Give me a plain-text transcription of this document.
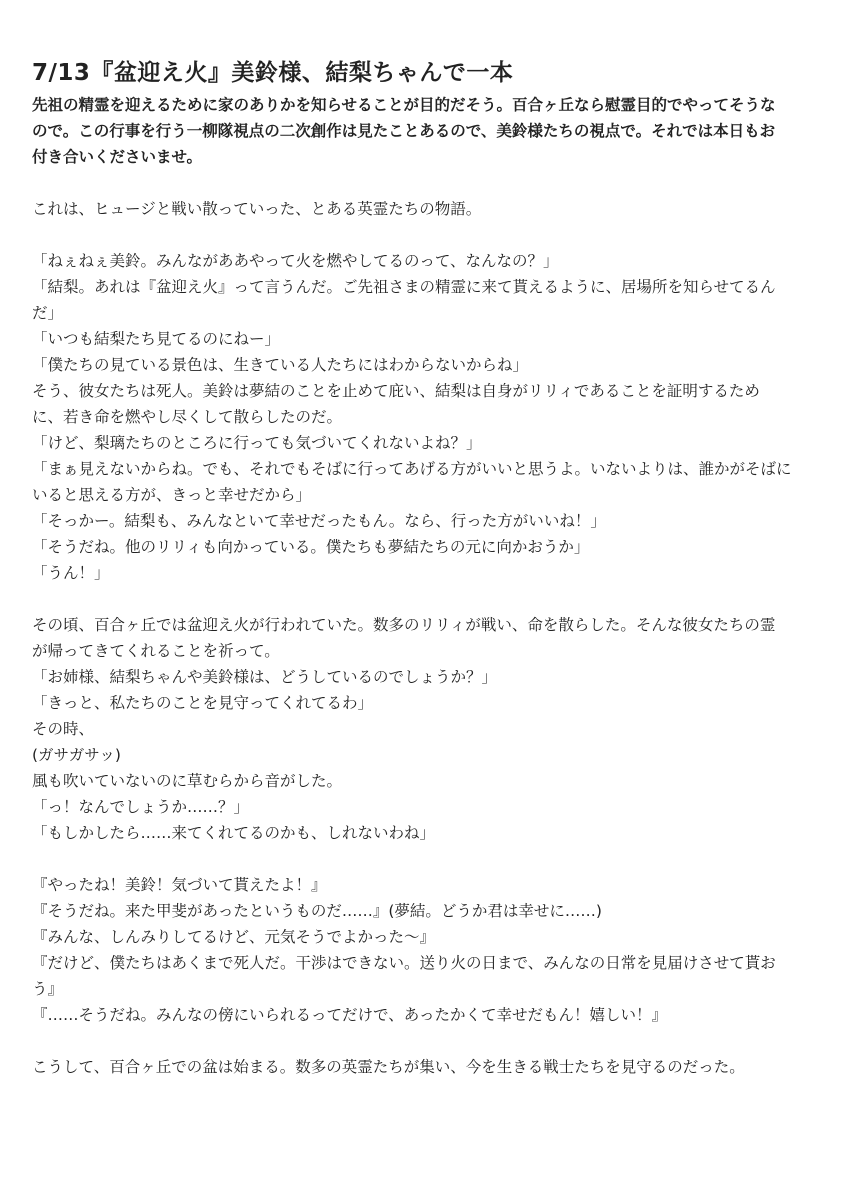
7/13『盆迎え火』美鈴様、結梨ちゃんで一本
先祖の精霊を迎えるために家のありかを知らせることが目的だそう。百合ヶ丘なら慰霊目的でやってそうな
ので。この行事を行う一柳隊視点の二次創作は見たことあるので、美鈴様たちの視点で。それでは本日もお
付き合いくださいませ。
これは、ヒュージと戦い散っていった、とある英霊たちの物語。
「ねぇねぇ美鈴。みんながああやって火を燃やしてるのって、なんなの？」
「結梨。あれは『盆迎え火』って言うんだ。ご先祖さまの精霊に来て貰えるように、居場所を知らせてるん
だ」
「いつも結梨たち見てるのにねー」
「僕たちの見ている景色は、生きている人たちにはわからないからね」
そう、彼女たちは死人。美鈴は夢結のことを止めて庇い、結梨は自身がリリィであることを証明するため
に、若き命を燃やし尽くして散らしたのだ。
「けど、梨璃たちのところに行っても気づいてくれないよね？」
「まぁ見えないからね。でも、それでもそばに行ってあげる方がいいと思うよ。いないよりは、誰かがそばに
いると思える方が、きっと幸せだから」
「そっかー。結梨も、みんなといて幸せだったもん。なら、行った方がいいね！」
「そうだね。他のリリィも向かっている。僕たちも夢結たちの元に向かおうか」
「うん！」
その頃、百合ヶ丘では盆迎え火が行われていた。数多のリリィが戦い、命を散らした。そんな彼女たちの霊
が帰ってきてくれることを祈って。
「お姉様、結梨ちゃんや美鈴様は、どうしているのでしょうか？」
「きっと、私たちのことを見守ってくれてるわ」
その時、
(ガサガサッ)
風も吹いていないのに草むらから音がした。
「っ！なんでしょうか……？」
「もしかしたら……来てくれてるのかも、しれないわね」
『やったね！美鈴！気づいて貰えたよ！』
『そうだね。来た甲斐があったというものだ……』(夢結。どうか君は幸せに……)
『みんな、しんみりしてるけど、元気そうでよかった〜』
『だけど、僕たちはあくまで死人だ。干渉はできない。送り火の日まで、みんなの日常を見届けさせて貰お
う』
『……そうだね。みんなの傍にいられるってだけで、あったかくて幸せだもん！嬉しい！』
こうして、百合ヶ丘での盆は始まる。数多の英霊たちが集い、今を生きる戦士たちを見守るのだった。
